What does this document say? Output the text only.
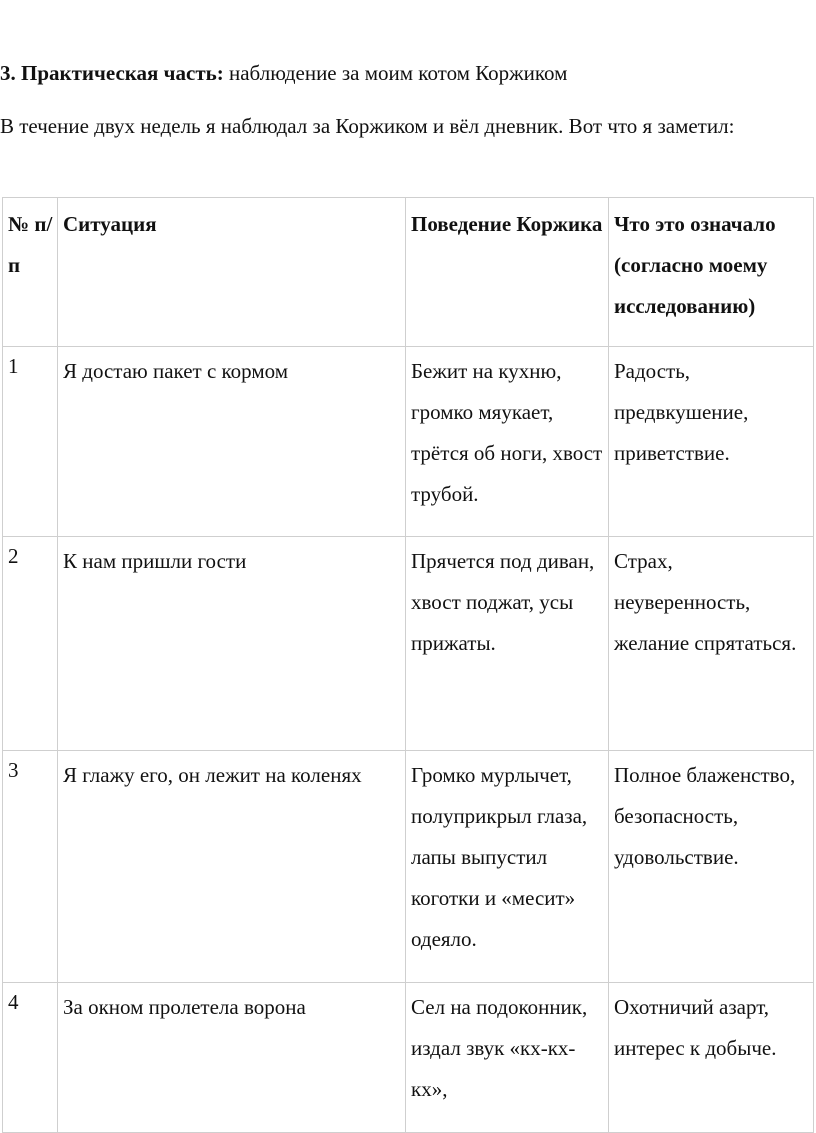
3. Практическая часть: наблюдение за моим котом Коржиком
В течение двух недель я наблюдал за Коржиком и вёл дневник. Вот что я заметил:
№ п/п	Ситуация	Поведение Коржика	Что это означало (согласно моему исследованию)
1	Я достаю пакет с кормом	Бежит на кухню, громко мяукает, трётся об ноги, хвост трубой.	Радость, предвкушение, приветствие.
2	К нам пришли гости	Прячется под диван, хвост поджат, усы прижаты.	Страх, неуверенность, желание спрятаться.
3	Я глажу его, он лежит на коленях	Громко мурлычет, полуприкрыл глаза, лапы выпустил коготки и «месит» одеяло.	Полное блаженство, безопасность, удовольствие.
4	За окном пролетела ворона	Сел на подоконник, издал звук «кх-кх-кх»,	Охотничий азарт, интерес к добыче.
